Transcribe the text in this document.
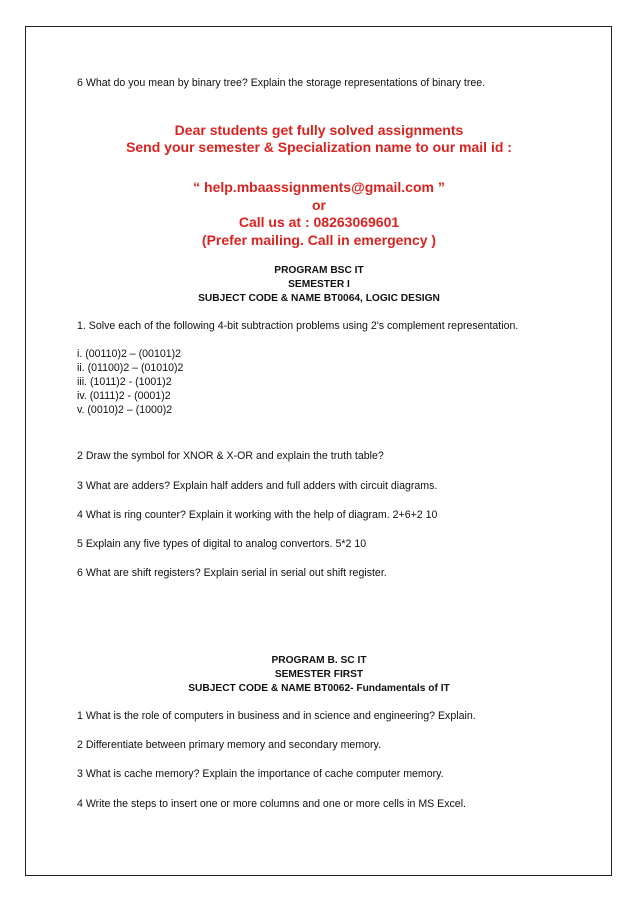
6 What do you mean by binary tree? Explain the storage representations of binary tree.
Dear students get fully solved assignments
Send your semester & Specialization name to our mail id :
“ help.mbaassignments@gmail.com ”
or
Call us at : 08263069601
(Prefer mailing. Call in emergency )
PROGRAM BSC IT
SEMESTER I
SUBJECT CODE & NAME BT0064, LOGIC DESIGN
1. Solve each of the following 4-bit subtraction problems using 2's complement representation.
i. (00110)2 – (00101)2
ii. (01100)2 – (01010)2
iii. (1011)2 - (1001)2
iv. (0111)2 - (0001)2
v. (0010)2 – (1000)2
2 Draw the symbol for XNOR & X-OR and explain the truth table?
3 What are adders? Explain half adders and full adders with circuit diagrams.
4 What is ring counter? Explain it working with the help of diagram. 2+6+2 10
5 Explain any five types of digital to analog convertors. 5*2 10
6 What are shift registers? Explain serial in serial out shift register.
PROGRAM B. SC IT
SEMESTER FIRST
SUBJECT CODE & NAME BT0062- Fundamentals of IT
1 What is the role of computers in business and in science and engineering? Explain.
2 Differentiate between primary memory and secondary memory.
3 What is cache memory? Explain the importance of cache computer memory.
4 Write the steps to insert one or more columns and one or more cells in MS Excel.
